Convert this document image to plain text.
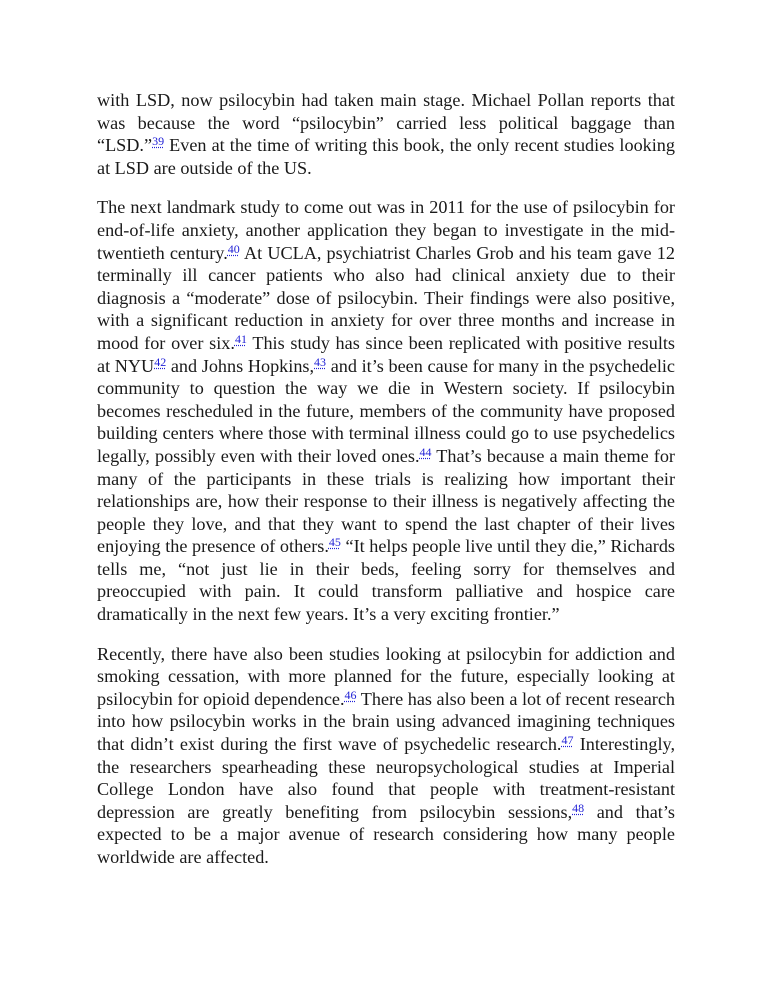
with LSD, now psilocybin had taken main stage. Michael Pollan reports that was because the word “psilocybin” carried less political baggage than “LSD.”$^{39}$ Even at the time of writing this book, the only recent studies looking at LSD are outside of the US.

The next landmark study to come out was in 2011 for the use of psilocybin for end-of-life anxiety, another application they began to investigate in the mid-twentieth century.$^{40}$ At UCLA, psychiatrist Charles Grob and his team gave 12 terminally ill cancer patients who also had clinical anxiety due to their diagnosis a “moderate” dose of psilocybin. Their findings were also positive, with a significant reduction in anxiety for over three months and increase in mood for over six.$^{41}$ This study has since been replicated with positive results at NYU$^{42}$ and Johns Hopkins,$^{43}$ and it’s been cause for many in the psychedelic community to question the way we die in Western society. If psilocybin becomes rescheduled in the future, members of the community have proposed building centers where those with terminal illness could go to use psychedelics legally, possibly even with their loved ones.$^{44}$ That’s because a main theme for many of the participants in these trials is realizing how important their relationships are, how their response to their illness is negatively affecting the people they love, and that they want to spend the last chapter of their lives enjoying the presence of others.$^{45}$ “It helps people live until they die,” Richards tells me, “not just lie in their beds, feeling sorry for themselves and preoccupied with pain. It could transform palliative and hospice care dramatically in the next few years. It’s a very exciting frontier.”

Recently, there have also been studies looking at psilocybin for addiction and smoking cessation, with more planned for the future, especially looking at psilocybin for opioid dependence.$^{46}$ There has also been a lot of recent research into how psilocybin works in the brain using advanced imagining techniques that didn’t exist during the first wave of psychedelic research.$^{47}$ Interestingly, the researchers spearheading these neuropsychological studies at Imperial College London have also found that people with treatment-resistant depression are greatly benefiting from psilocybin sessions,$^{48}$ and that’s expected to be a major avenue of research considering how many people worldwide are affected.
